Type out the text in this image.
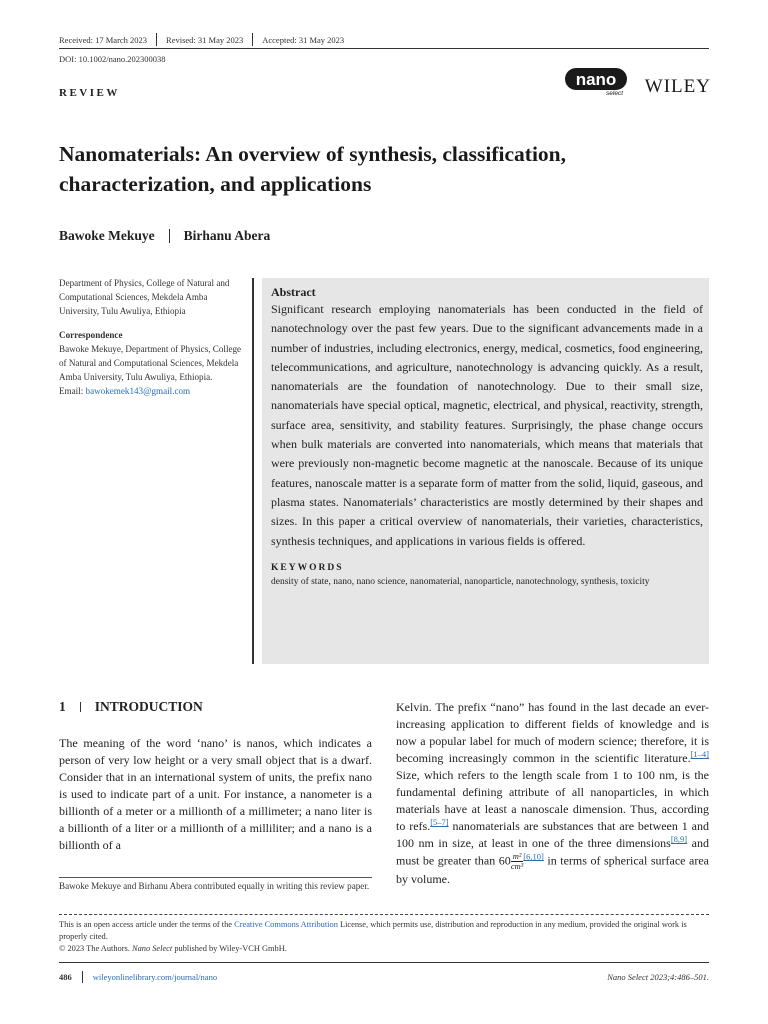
Received: 17 March 2023 Revised: 31 May 2023 Accepted: 31 May 2023
DOI: 10.1002/nano.202300038
REVIEW
nano
select WILEY
Nanomaterials: An overview of synthesis, classification, characterization, and applications
Bawoke Mekuye Birhanu Abera

Department of Physics, College of Natural and Computational Sciences, Mekdela Amba University, Tulu Awuliya, Ethiopia

Correspondence

Bawoke Mekuye, Department of Physics, College of Natural and Computational Sciences, Mekdela Amba University, Tulu Awuliya, Ethiopia.

Email: bawokemek143@gmail.com

Abstract

Significant research employing nanomaterials has been conducted in the field of nanotechnology over the past few years. Due to the significant advancements made in a number of industries, including electronics, energy, medical, cosmetics, food engineering, telecommunications, and agriculture, nanotechnology is advancing quickly. As a result, nanomaterials are the foundation of nanotechnology. Due to their small size, nanomaterials have special optical, magnetic, electrical, and physical, reactivity, strength, surface area, sensitivity, and stability features. Surprisingly, the phase change occurs when bulk materials are converted into nanomaterials, which means that materials that were previously non-magnetic become magnetic at the nanoscale. Because of its unique features, nanoscale matter is a separate form of matter from the solid, liquid, gaseous, and plasma states. Nanomaterials’ characteristics are mostly determined by their shapes and sizes. In this paper a critical overview of nanomaterials, their varieties, characteristics, synthesis techniques, and applications in various fields is offered.

KEYWORDS

density of state, nano, nano science, nanomaterial, nanoparticle, nanotechnology, synthesis, toxicity

1 INTRODUCTION

The meaning of the word ‘nano’ is nanos, which indicates a person of very low height or a very small object that is a dwarf. Consider that in an international system of units, the prefix nano is used to indicate part of a unit. For instance, a nanometer is a billionth of a meter or a millionth of a millimeter; a nano liter is a billionth of a liter or a millionth of a milliliter; and a nano is a billionth of a

Kelvin. The prefix “nano” has found in the last decade an ever-increasing application to different fields of knowledge and is now a popular label for much of modern science; therefore, it is becoming increasingly common in the scientific literature.[1–4] Size, which refers to the length scale from 1 to 100 nm, is the fundamental defining attribute of all nanoparticles, in which materials have at least a nanoscale dimension. Thus, according to refs.[5–7] nanomaterials are substances that are between 1 and 100 nm in size, at least in one of the three dimensions[8,9] and must be greater than $60 \frac{\text{m²}}{\text{cm³}} [6,10]$ in terms of spherical surface area by volume.

Bawoke Mekuye and Birhanu Abera contributed equally in writing this review paper.
This is an open access article under the terms of the Creative Commons Attribution License, which permits use, distribution and reproduction in any medium, provided the original work is properly cited.
© 2023 The Authors. Nano Select published by Wiley-VCH GmbH.
486 wileyonlinelibrary.com/journal/nano	Nano Select 2023;4:486–501.
